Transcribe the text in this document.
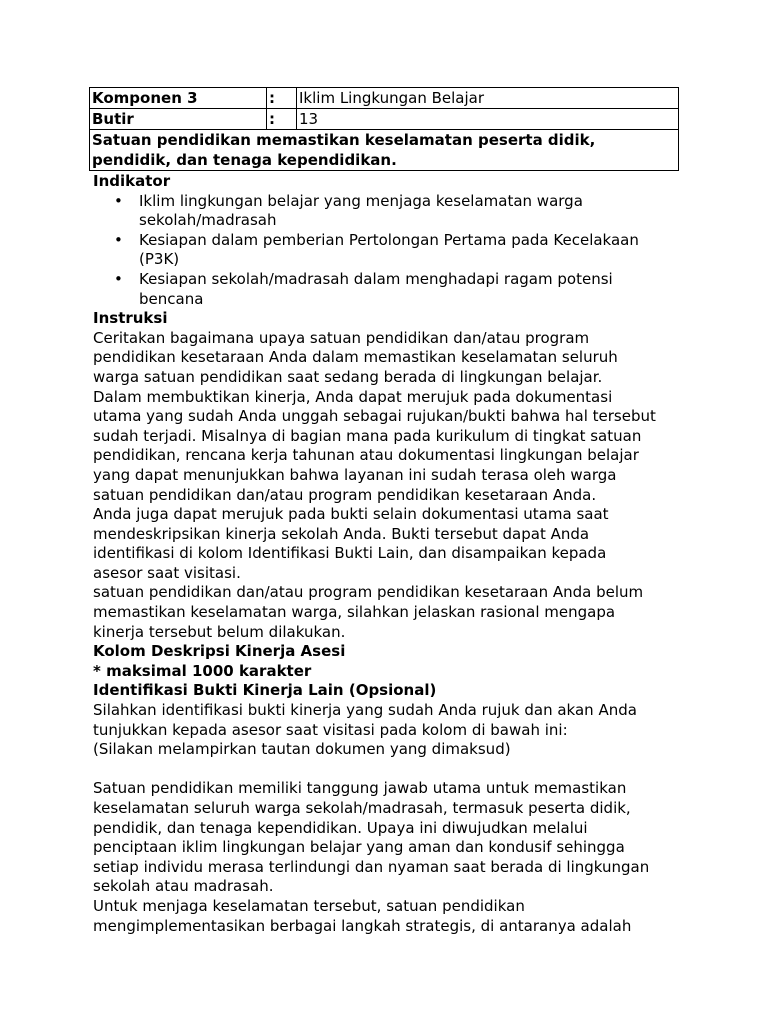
Komponen 3	:	Iklim Lingkungan Belajar
Butir	:	13

Satuan pendidikan memastikan keselamatan peserta didik,
pendidik, dan tenaga kependidikan.		

Indikator

• Iklim lingkungan belajar yang menjaga keselamatan warga
sekolah/madrasah
• Kesiapan dalam pemberian Pertolongan Pertama pada Kecelakaan
(P3K)
• Kesiapan sekolah/madrasah dalam menghadapi ragam potensi
bencana

Instruksi

Ceritakan bagaimana upaya satuan pendidikan dan/atau program

pendidikan kesetaraan Anda dalam memastikan keselamatan seluruh

warga satuan pendidikan saat sedang berada di lingkungan belajar.

Dalam membuktikan kinerja, Anda dapat merujuk pada dokumentasi

utama yang sudah Anda unggah sebagai rujukan/bukti bahwa hal tersebut

sudah terjadi. Misalnya di bagian mana pada kurikulum di tingkat satuan

pendidikan, rencana kerja tahunan atau dokumentasi lingkungan belajar

yang dapat menunjukkan bahwa layanan ini sudah terasa oleh warga

satuan pendidikan dan/atau program pendidikan kesetaraan Anda.

Anda juga dapat merujuk pada bukti selain dokumentasi utama saat

mendeskripsikan kinerja sekolah Anda. Bukti tersebut dapat Anda

identifikasi di kolom Identifikasi Bukti Lain, dan disampaikan kepada

asesor saat visitasi.

satuan pendidikan dan/atau program pendidikan kesetaraan Anda belum

memastikan keselamatan warga, silahkan jelaskan rasional mengapa

kinerja tersebut belum dilakukan.

Kolom Deskripsi Kinerja Asesi

* maksimal 1000 karakter

Identifikasi Bukti Kinerja Lain (Opsional)

Silahkan identifikasi bukti kinerja yang sudah Anda rujuk dan akan Anda

tunjukkan kepada asesor saat visitasi pada kolom di bawah ini:

(Silakan melampirkan tautan dokumen yang dimaksud)

Satuan pendidikan memiliki tanggung jawab utama untuk memastikan

keselamatan seluruh warga sekolah/madrasah, termasuk peserta didik,

pendidik, dan tenaga kependidikan. Upaya ini diwujudkan melalui

penciptaan iklim lingkungan belajar yang aman dan kondusif sehingga

setiap individu merasa terlindungi dan nyaman saat berada di lingkungan

sekolah atau madrasah.

Untuk menjaga keselamatan tersebut, satuan pendidikan

mengimplementasikan berbagai langkah strategis, di antaranya adalah
